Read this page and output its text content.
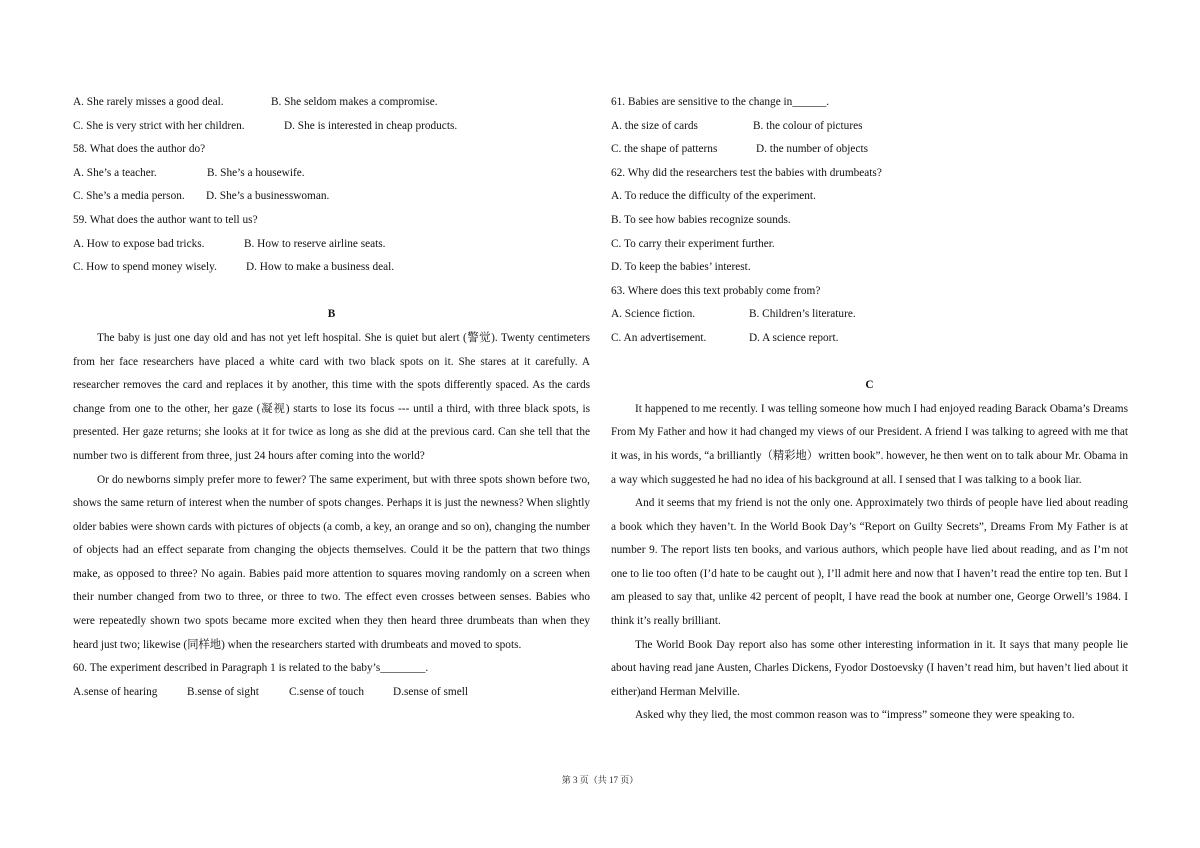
A. She rarely misses a good deal.	B. She seldom makes a compromise.
C. She is very strict with her children.	D. She is interested in cheap products.
58. What does the author do?
A. She’s a teacher.	B. She’s a housewife.
C. She’s a media person. D. She’s a businesswoman.
59. What does the author want to tell us?
A. How to expose bad tricks.	B. How to reserve airline seats.
C. How to spend money wisely.	D. How to make a business deal.
B

The baby is just one day old and has not yet left hospital. She is quiet but alert (警觉). Twenty centimeters from her face researchers have placed a white card with two black spots on it. She stares at it carefully. A researcher removes the card and replaces it by another, this time with the spots differently spaced. As the cards change from one to the other, her gaze (凝视) starts to lose its focus --- until a third, with three black spots, is presented. Her gaze returns; she looks at it for twice as long as she did at the previous card. Can she tell that the number two is different from three, just 24 hours after coming into the world?

Or do newborns simply prefer more to fewer? The same experiment, but with three spots shown before two, shows the same return of interest when the number of spots changes. Perhaps it is just the newness? When slightly older babies were shown cards with pictures of objects (a comb, a key, an orange and so on), changing the number of objects had an effect separate from changing the objects themselves. Could it be the pattern that two things make, as opposed to three? No again. Babies paid more attention to squares moving randomly on a screen when their number changed from two to three, or three to two. The effect even crosses between senses. Babies who were repeatedly shown two spots became more excited when they then heard three drumbeats than when they heard just two; likewise (同样地) when the researchers started with drumbeats and moved to spots.

60. The experiment described in Paragraph 1 is related to the baby’s________.
A.sense of hearing	B.sense of sight	C.sense of touch	D.sense of smell
61. Babies are sensitive to the change in______.
A. the size of cards	B. the colour of pictures
C. the shape of patterns	D. the number of objects
62. Why did the researchers test the babies with drumbeats?
A. To reduce the difficulty of the experiment.
B. To see how babies recognize sounds.
C. To carry their experiment further.
D. To keep the babies’ interest.
63. Where does this text probably come from?
A. Science fiction.	B. Children’s literature.
C. An advertisement.	D. A science report.
C

It happened to me recently. I was telling someone how much I had enjoyed reading Barack Obama’s Dreams From My Father and how it had changed my views of our President. A friend I was talking to agreed with me that it was, in his words, “a brilliantly（精彩地）written book”. however, he then went on to talk abour Mr. Obama in a way which suggested he had no idea of his background at all. I sensed that I was talking to a book liar.

And it seems that my friend is not the only one. Approximately two thirds of people have lied about reading a book which they haven’t. In the World Book Day’s “Report on Guilty Secrets”, Dreams From My Father is at number 9. The report lists ten books, and various authors, which people have lied about reading, and as I’m not one to lie too often (I’d hate to be caught out ), I’ll admit here and now that I haven’t read the entire top ten. But I am pleased to say that, unlike 42 percent of peoplt, I have read the book at number one, George Orwell’s 1984. I think it’s really brilliant.

The World Book Day report also has some other interesting information in it. It says that many people lie about having read jane Austen, Charles Dickens, Fyodor Dostoevsky (I haven’t read him, but haven’t lied about it either)and Herman Melville.

Asked why they lied, the most common reason was to “impress” someone they were speaking to.

第 3 页（共 17 页）
